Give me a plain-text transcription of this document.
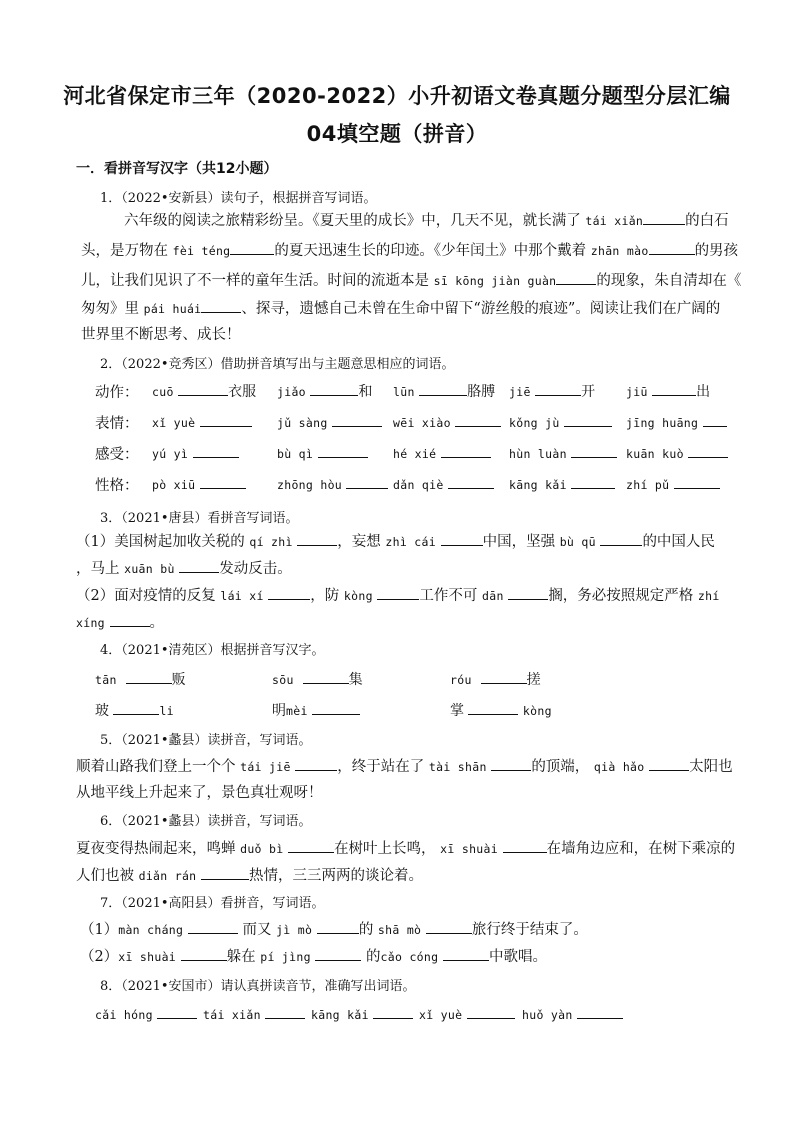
河北省保定市三年（2020-2022）小升初语文卷真题分题型分层汇编
04填空题（拼音）
一．看拼音写汉字（共12小题）
1．（2022•安新县）读句子，根据拼音写词语。
六年级的阅读之旅精彩纷呈。《夏天里的成长》中，几天不见，就长满了 tái xiǎn	的白石
头，是万物在 fèi téng	的夏天迅速生长的印迹。《少年闰土》中那个戴着 zhān mào	的男孩
儿，让我们见识了不一样的童年生活。时间的流逝本是 sī kōng jiàn guàn	的现象，朱自清却在《
匆匆》里 pái huái	、探寻，遗憾自己未曾在生命中留下“游丝般的痕迹”。阅读让我们在广阔的
世界里不断思考、成长！
2．（2022•竞秀区）借助拼音填写出与主题意思相应的词语。
动作： cuō	衣服 jiǎo	和 lūn	胳膊 jiē	开	jiū	出
表情： xǐ yuè	jǔ sàng	wēi xiào	kǒng jù	jīng huāng
感受： yú yì	bù qì	hé xié	hùn luàn	kuān kuò
性格： pò xiū	zhōng hòu	dǎn qiè	kāng kǎi	zhí pǔ
3．（2021•唐县）看拼音写词语。
（1）美国树起加收关税的 qí zhì	，妄想 zhì cái	中国，坚强 bù qū	的中国人民
，马上 xuān bù	发动反击。
（2）面对疫情的反复 lái xí	，防 kòng	工作不可 dān	搁，务必按照规定严格 zhí
xíng	。
4．（2021•清苑区）根据拼音写汉字。
tān	贩	sōu	集	róu	搓
玻	li	明mèi	掌	kòng
5．（2021•蠡县）读拼音，写词语。
顺着山路我们登上一个个 tái jiē	，终于站在了 tài shān	的顶端， qià hǎo	太阳也
从地平线上升起来了，景色真壮观呀！
6．（2021•蠡县）读拼音，写词语。
夏夜变得热闹起来，鸣蝉 duǒ bì	在树叶上长鸣， xī shuài	在墙角边应和，在树下乘凉的
人们也被 diǎn rán	热情，三三两两的谈论着。
7．（2021•高阳县）看拼音，写词语。
（1）màn cháng	而又 jì mò	的 shā mò	旅行终于结束了。
（2）xī shuài	躲在 pí jìng	的cǎo cóng	中歌唱。
8．（2021•安国市）请认真拼读音节，准确写出词语。
cǎi hóng	tái xiǎn	kāng kǎi	xǐ yuè	huǒ yàn
